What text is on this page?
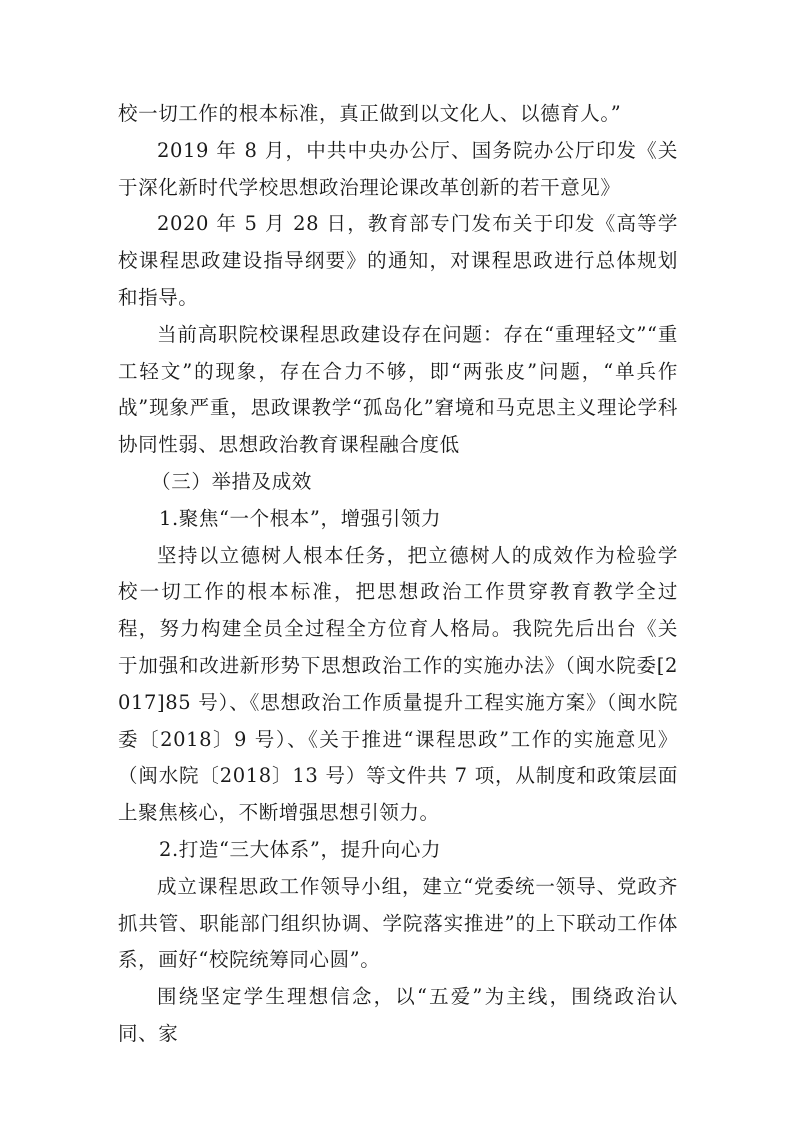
校一切工作的根本标准，真正做到以文化人、以德育人。”

2019 年 8 月，中共中央办公厅、国务院办公厅印发《关于深化新时代学校思想政治理论课改革创新的若干意见》

2020 年 5 月 28 日，教育部专门发布关于印发《高等学校课程思政建设指导纲要》的通知，对课程思政进行总体规划和指导。

当前高职院校课程思政建设存在问题：存在“重理轻文”“重工轻文”的现象，存在合力不够，即“两张皮”问题，“单兵作战”现象严重，思政课教学“孤岛化”窘境和马克思主义理论学科协同性弱、思想政治教育课程融合度低

（三）举措及成效

1.聚焦“一个根本”，增强引领力

坚持以立德树人根本任务，把立德树人的成效作为检验学校一切工作的根本标准，把思想政治工作贯穿教育教学全过程，努力构建全员全过程全方位育人格局。我院先后出台《关于加强和改进新形势下思想政治工作的实施办法》（闽水院委[2017]85 号）、《思想政治工作质量提升工程实施方案》（闽水院委〔2018〕9 号）、《关于推进“课程思政”工作的实施意见》（闽水院〔2018〕13 号）等文件共 7 项，从制度和政策层面上聚焦核心，不断增强思想引领力。

2.打造“三大体系”，提升向心力

成立课程思政工作领导小组，建立“党委统一领导、党政齐抓共管、职能部门组织协调、学院落实推进”的上下联动工作体系，画好“校院统筹同心圆”。

围绕坚定学生理想信念，以“五爱”为主线，围绕政治认同、家
